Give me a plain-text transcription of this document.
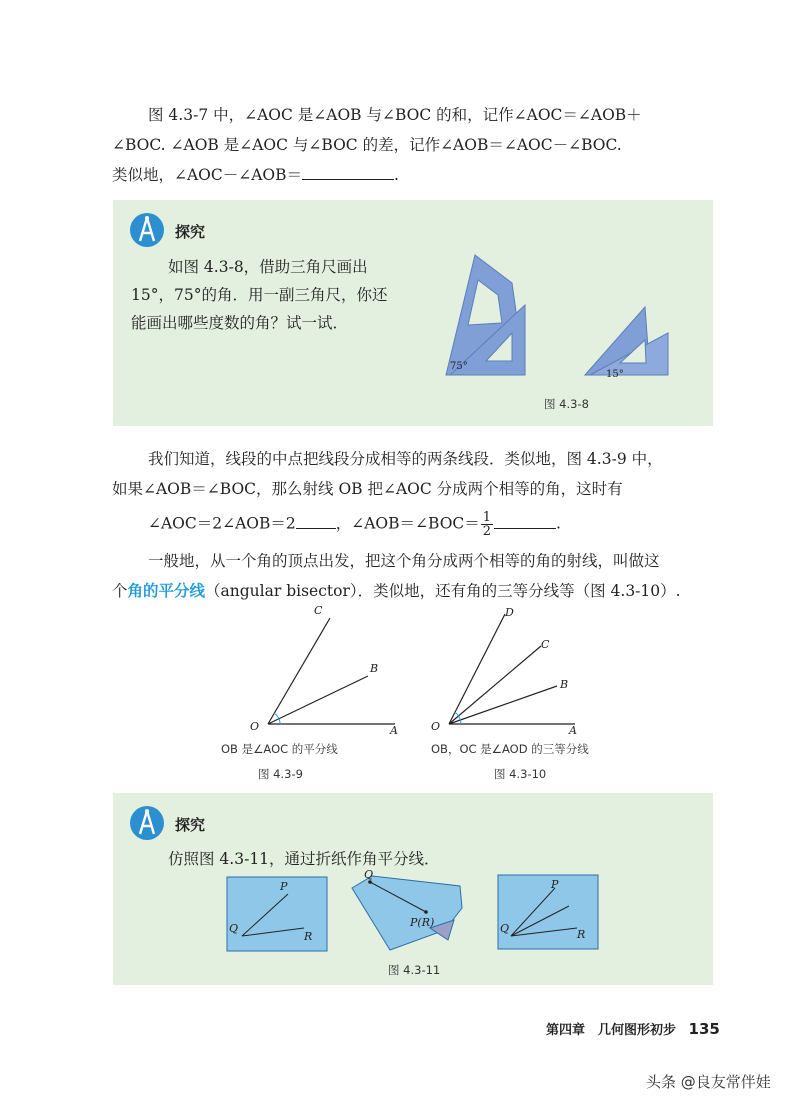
图 4.3-7 中，∠AOC 是∠AOB 与∠BOC 的和，记作∠AOC＝∠AOB＋
∠BOC. ∠AOB 是∠AOC 与∠BOC 的差，记作∠AOB＝∠AOC－∠BOC.
类似地，∠AOC－∠AOB＝	.
探究
如图 4.3-8，借助三角尺画出
15°，75°的角．用一副三角尺，你还
能画出哪些度数的角？试一试．
75°
15°
图 4.3-8
我们知道，线段的中点把线段分成相等的两条线段．类似地，图 4.3-9 中，
如果∠AOB＝∠BOC，那么射线 OB 把∠AOC 分成两个相等的角，这时有
∠AOC＝2∠AOB＝2	，∠AOB＝∠BOC＝ $\frac{1}{2}$	.
一般地，从一个角的顶点出发，把这个角分成两个相等的角的射线，叫做这
个角的平分线（angular bisector）．类似地，还有角的三等分线等（图 4.3-10）.
C
B
O	A
OB 是∠AOC 的平分线
图 4.3-9
D
C
B
O	A
OB，OC 是∠AOD 的三等分线
图 4.3-10
探究
仿照图 4.3-11，通过折纸作角平分线．
P
Q
R
Q
P(R)
P
Q	R
图 4.3-11
第四章　几何图形初步 135
头条 @良友常伴娃
